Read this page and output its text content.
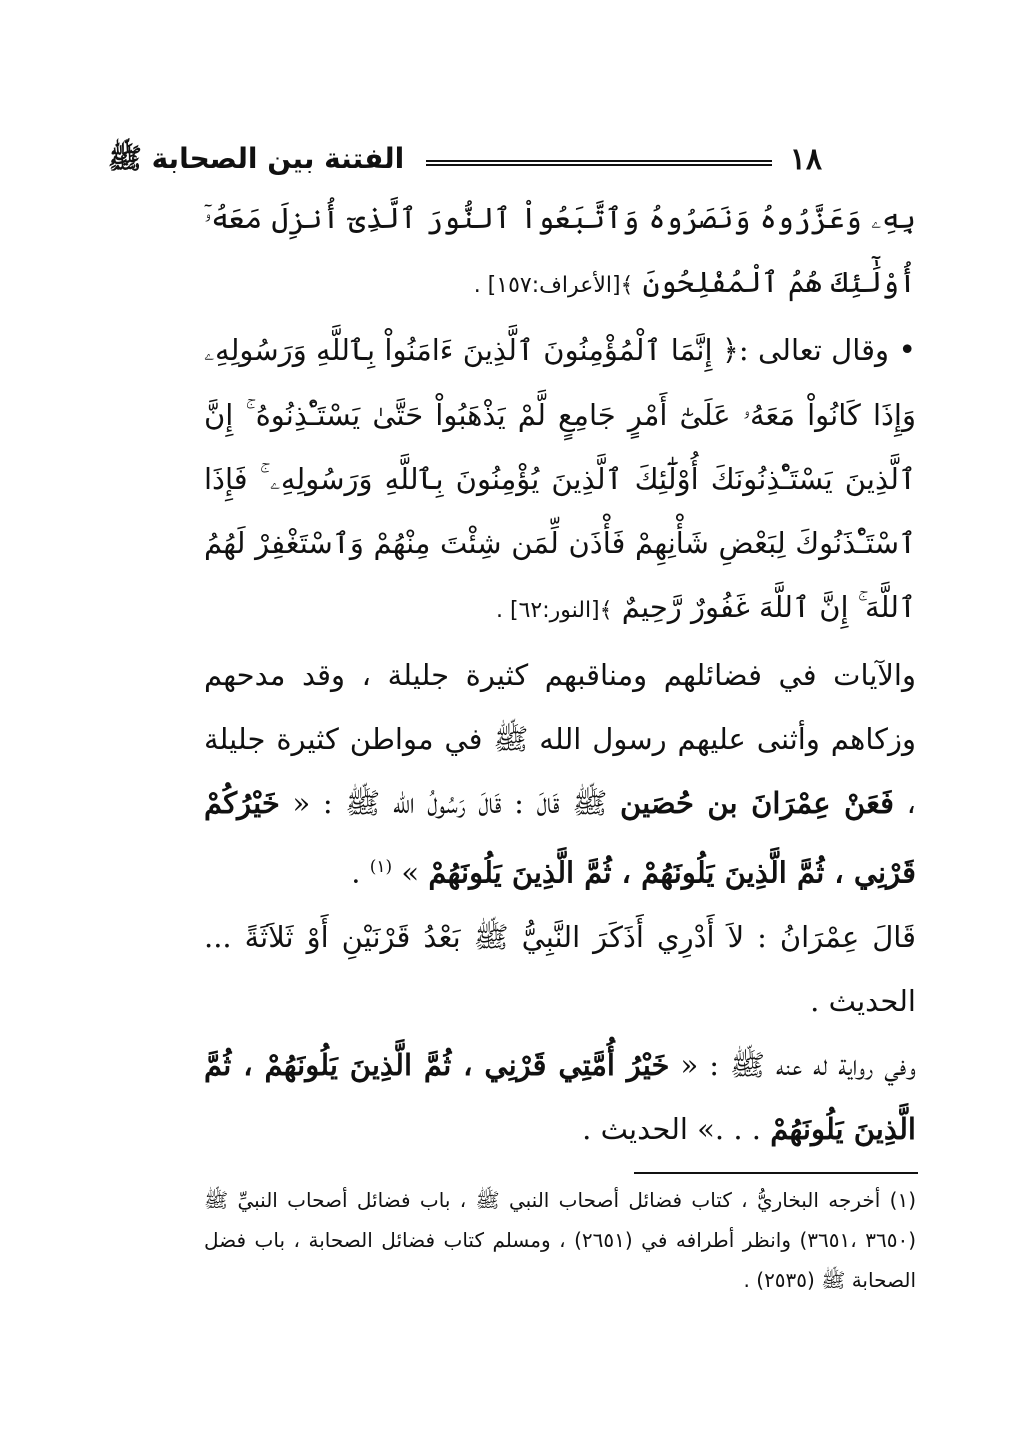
١٨
الفتنة بين الصحابة ﷺ

بِهِۦ وَعَزَّرُوهُ وَنَصَرُوهُ وَٱتَّبَعُواْ ٱلنُّورَ ٱلَّذِىٓ أُنزِلَ مَعَهُۥٓ أُوْلَٰٓئِكَ هُمُ ٱلْمُفْلِحُونَ ﴾[الأعراف:١٥٧] .

• وقال تعالى :﴿ إِنَّمَا ٱلْمُؤْمِنُونَ ٱلَّذِينَ ءَامَنُواْ بِٱللَّهِ وَرَسُولِهِۦ وَإِذَا كَانُواْ مَعَهُۥ عَلَىٰٓ أَمْرٍ جَامِعٍ لَّمْ يَذْهَبُواْ حَتَّىٰ يَسْتَـْٔذِنُوهُ ۚ إِنَّ ٱلَّذِينَ يَسْتَـْٔذِنُونَكَ أُوْلَٰٓئِكَ ٱلَّذِينَ يُؤْمِنُونَ بِٱللَّهِ وَرَسُولِهِۦ ۚ فَإِذَا ٱسْتَـْٔذَنُوكَ لِبَعْضِ شَأْنِهِمْ فَأْذَن لِّمَن شِئْتَ مِنْهُمْ وَٱسْتَغْفِرْ لَهُمُ ٱللَّهَ ۚ إِنَّ ٱللَّهَ غَفُورٌ رَّحِيمٌ ﴾[النور:٦٢] .

والآيات في فضائلهم ومناقبهم كثيرة جليلة ، وقد مدحهم وزكاهم وأثنى عليهم رسول الله ﷺ في مواطن كثيرة جليلة ، فَعَنْ عِمْرَانَ بن حُصَين ﷺ قَالَ : قَالَ رَسُولُ الله ﷺ : « خَيْرُكُمْ قَرْنِي ، ثُمَّ الَّذِينَ يَلُونَهُمْ ، ثُمَّ الَّذِينَ يَلُونَهُمْ » $^{(١)}$ .

قَالَ عِمْرَانُ : لاَ أَدْرِي أَذَكَرَ النَّبِيُّ ﷺ بَعْدُ قَرْنَيْنِ أَوْ ثَلاَثَةً ... الحديث .

وفي رواية له عنه ﷺ : « خَيْرُ أُمَّتِي قَرْنِي ، ثُمَّ الَّذِينَ يَلُونَهُمْ ، ثُمَّ الَّذِينَ يَلُونَهُمْ . . .» الحديث .

(١) أخرجه البخاريُّ ، كتاب فضائل أصحاب النبي ﷺ ، باب فضائل أصحاب النبيِّ ﷺ (٣٦٥٠ ،٣٦٥١) وانظر أطرافه في (٢٦٥١) ، ومسلم كتاب فضائل الصحابة ، باب فضل الصحابة ﷺ (٢٥٣٥) .
